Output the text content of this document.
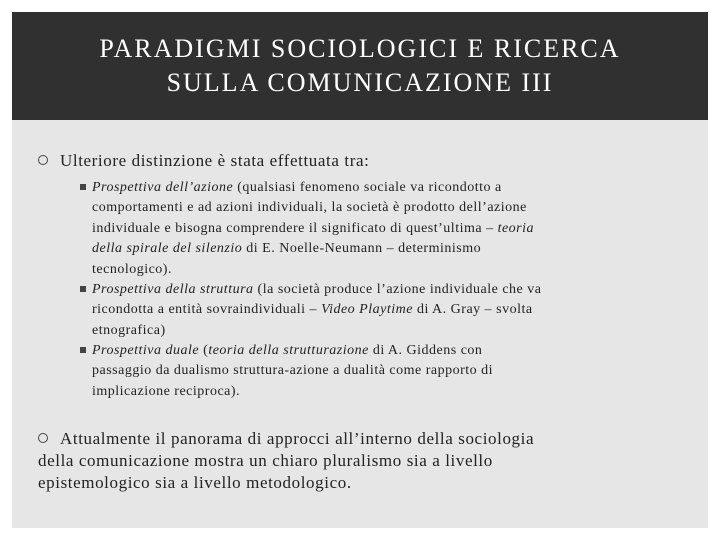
PARADIGMI SOCIOLOGICI E RICERCA
SULLA COMUNICAZIONE III
Ulteriore distinzione è stata effettuata tra:
Prospettiva dell’azione (qualsiasi fenomeno sociale va ricondotto a
comportamenti e ad azioni individuali, la società è prodotto dell’azione
individuale e bisogna comprendere il significato di quest’ultima – teoria
della spirale del silenzio di E. Noelle-Neumann – determinismo
tecnologico).
Prospettiva della struttura (la società produce l’azione individuale che va
ricondotta a entità sovraindividuali – Video Playtime di A. Gray – svolta
etnografica)
Prospettiva duale (teoria della strutturazione di A. Giddens con
passaggio da dualismo struttura-azione a dualità come rapporto di
implicazione reciproca).
Attualmente il panorama di approcci all’interno della sociologia
della comunicazione mostra un chiaro pluralismo sia a livello
epistemologico sia a livello metodologico.
